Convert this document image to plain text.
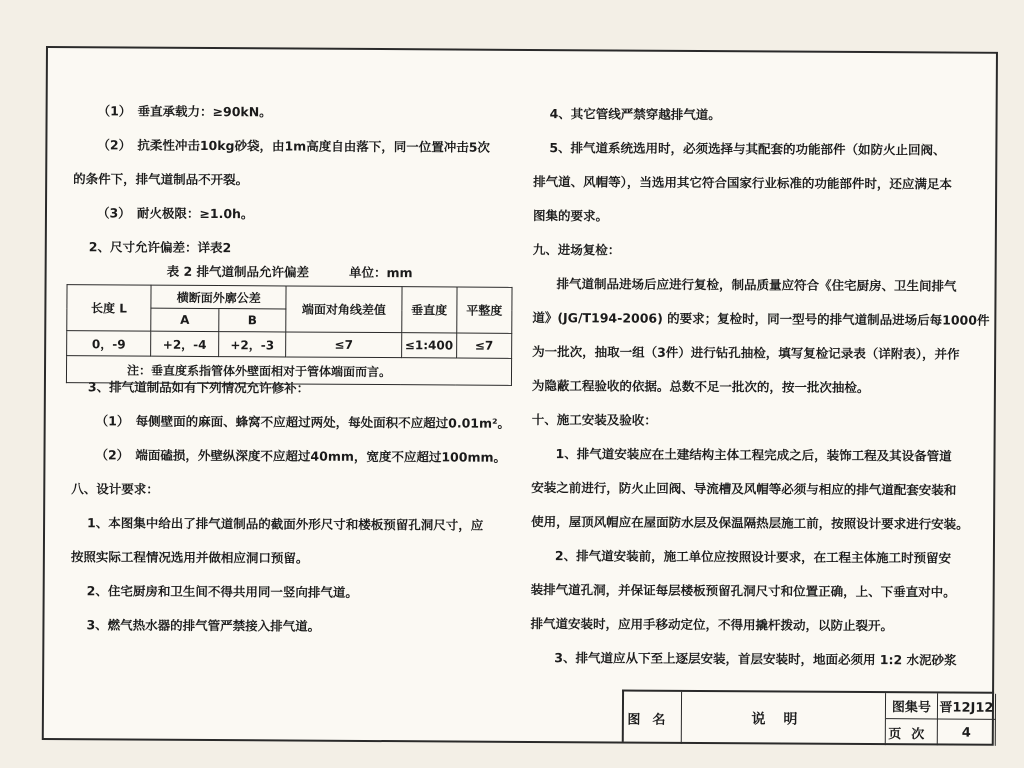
（1）　垂直承载力：≥90kN。
（2）　抗柔性冲击10kg砂袋，由1m高度自由落下，同一位置冲击5次
的条件下，排气道制品不开裂。
（3）　耐火极限：≥1.0h。
2、尺寸允许偏差：详表2
3、排气道制品如有下列情况允许修补：
（1）　每侧壁面的麻面、蜂窝不应超过两处，每处面积不应超过0.01m²。
（2）　端面磕损，外壁纵深度不应超过40mm，宽度不应超过100mm。
八、设计要求：
1、本图集中给出了排气道制品的截面外形尺寸和楼板预留孔洞尺寸，应
按照实际工程情况选用并做相应洞口预留。
2、住宅厨房和卫生间不得共用同一竖向排气道。
3、燃气热水器的排气管严禁接入排气道。
表 2 排气道制品允许偏差	单位：mm
长度 L	横断面外廓公差		端面对角线差值	垂直度	平整度
	A	B			
0，-9	+2，-4	+2，-3	≤7	≤1:400	≤7
注：垂直度系指管体外壁面相对于管体端面而言。					
4、其它管线严禁穿越排气道。
5、排气道系统选用时，必须选择与其配套的功能部件（如防火止回阀、
排气道、风帽等），当选用其它符合国家行业标准的功能部件时，还应满足本
图集的要求。
九、进场复检：
排气道制品进场后应进行复检，制品质量应符合《住宅厨房、卫生间排气
道》(JG/T194-2006) 的要求；复检时，同一型号的排气道制品进场后每1000件
为一批次，抽取一组（3件）进行钻孔抽检，填写复检记录表（详附表），并作
为隐蔽工程验收的依据。总数不足一批次的，按一批次抽检。
十、施工安装及验收：
1、排气道安装应在土建结构主体工程完成之后，装饰工程及其设备管道
安装之前进行，防火止回阀、导流槽及风帽等必须与相应的排气道配套安装和
使用，屋顶风帽应在屋面防水层及保温隔热层施工前，按照设计要求进行安装。
2、排气道安装前，施工单位应按照设计要求，在工程主体施工时预留安
装排气道孔洞，并保证每层楼板预留孔洞尺寸和位置正确，上、下垂直对中。
排气道安装时，应用手移动定位，不得用撬杆拨动，以防止裂开。
3、排气道应从下至上逐层安装，首层安装时，地面必须用 1:2 水泥砂浆
图名	说明
图集号 晋12J12
页次	4
